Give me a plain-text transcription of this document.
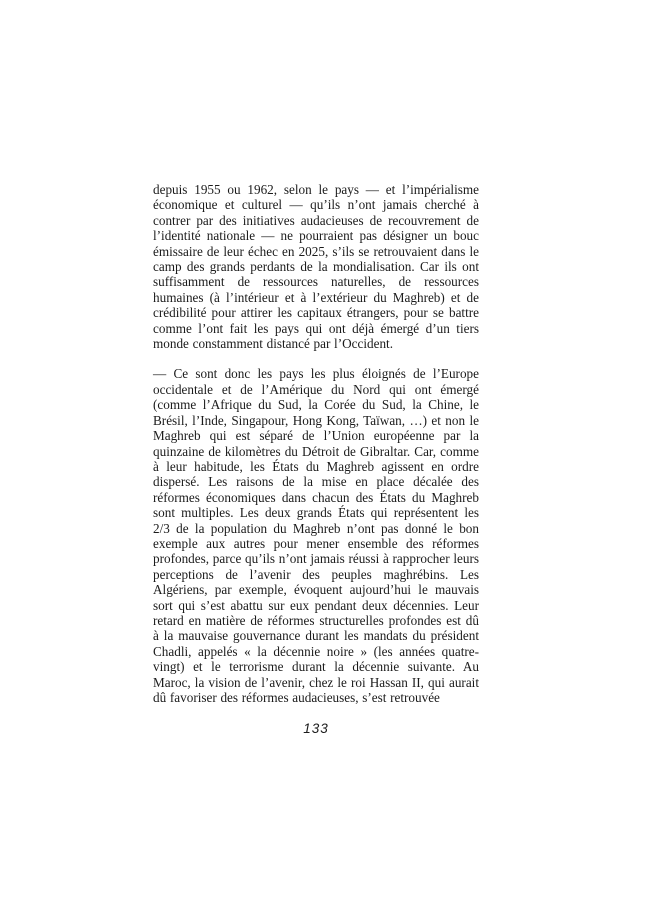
depuis 1955 ou 1962, selon le pays — et l’impérialisme économique et culturel — qu’ils n’ont jamais cherché à contrer par des initiatives audacieuses de recouvrement de l’identité nationale — ne pourraient pas désigner un bouc émissaire de leur échec en 2025, s’ils se retrouvaient dans le camp des grands perdants de la mondialisation. Car ils ont suffisamment de ressources naturelles, de ressources humaines (à l’intérieur et à l’extérieur du Maghreb) et de crédibilité pour attirer les capitaux étrangers, pour se battre comme l’ont fait les pays qui ont déjà émergé d’un tiers monde constamment distancé par l’Occident.

— Ce sont donc les pays les plus éloignés de l’Europe occidentale et de l’Amérique du Nord qui ont émergé (comme l’Afrique du Sud, la Corée du Sud, la Chine, le Brésil, l’Inde, Singapour, Hong Kong, Taïwan, …) et non le Maghreb qui est séparé de l’Union européenne par la quinzaine de kilomètres du Détroit de Gibraltar. Car, comme à leur habitude, les États du Maghreb agissent en ordre dispersé. Les raisons de la mise en place décalée des réformes économiques dans chacun des États du Maghreb sont multiples. Les deux grands États qui représentent les 2/3 de la population du Maghreb n’ont pas donné le bon exemple aux autres pour mener ensemble des réformes profondes, parce qu’ils n’ont jamais réussi à rapprocher leurs perceptions de l’avenir des peuples maghrébins. Les Algériens, par exemple, évoquent aujourd’hui le mauvais sort qui s’est abattu sur eux pendant deux décennies. Leur retard en matière de réformes structurelles profondes est dû à la mauvaise gouvernance durant les mandats du président Chadli, appelés « la décennie noire » (les années quatre-vingt) et le terrorisme durant la décennie suivante. Au Maroc, la vision de l’avenir, chez le roi Hassan II, qui aurait dû favoriser des réformes audacieuses, s’est retrouvée

133
